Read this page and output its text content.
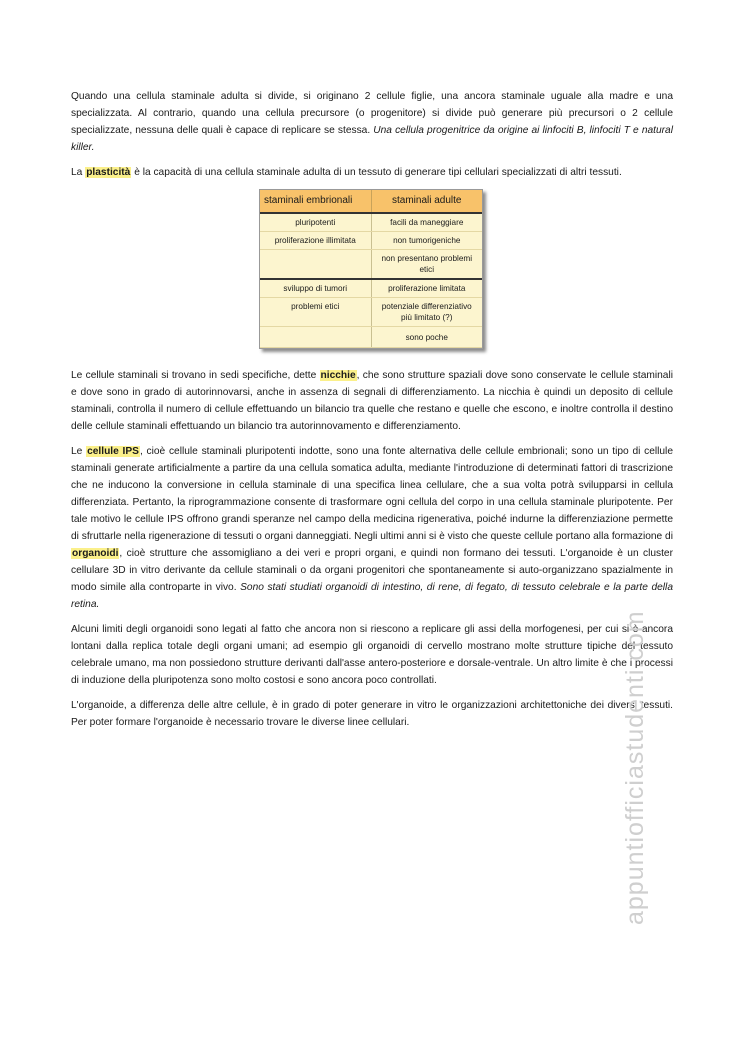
Quando una cellula staminale adulta si divide, si originano 2 cellule figlie, una ancora staminale uguale alla madre e una specializzata. Al contrario, quando una cellula precursore (o progenitore) si divide può generare più precursori o 2 cellule specializzate, nessuna delle quali è capace di replicare se stessa. Una cellula progenitrice da origine ai linfociti B, linfociti T e natural killer.

La plasticità è la capacità di una cellula staminale adulta di un tessuto di generare tipi cellulari specializzati di altri tessuti.

staminali embrionali	staminali adulte
pluripotenti	facili da maneggiare
proliferazione illimitata	non tumorigeniche
	non presentano problemi etici
sviluppo di tumori	proliferazione limitata
problemi etici	potenziale differenziativo più limitato (?)
	sono poche

Le cellule staminali si trovano in sedi specifiche, dette nicchie, che sono strutture spaziali dove sono conservate le cellule staminali e dove sono in grado di autorinnovarsi, anche in assenza di segnali di differenziamento. La nicchia è quindi un deposito di cellule staminali, controlla il numero di cellule effettuando un bilancio tra quelle che restano e quelle che escono, e inoltre controlla il destino delle cellule staminali effettuando un bilancio tra autorinnovamento e differenziamento.

Le cellule IPS, cioè cellule staminali pluripotenti indotte, sono una fonte alternativa delle cellule embrionali; sono un tipo di cellule staminali generate artificialmente a partire da una cellula somatica adulta, mediante l'introduzione di determinati fattori di trascrizione che ne inducono la conversione in cellula staminale di una specifica linea cellulare, che a sua volta potrà svilupparsi in cellula differenziata. Pertanto, la riprogrammazione consente di trasformare ogni cellula del corpo in una cellula staminale pluripotente. Per tale motivo le cellule IPS offrono grandi speranze nel campo della medicina rigenerativa, poiché indurne la differenziazione permette di sfruttarle nella rigenerazione di tessuti o organi danneggiati. Negli ultimi anni si è visto che queste cellule portano alla formazione di organoidi, cioè strutture che assomigliano a dei veri e propri organi, e quindi non formano dei tessuti. L'organoide è un cluster cellulare 3D in vitro derivante da cellule staminali o da organi progenitori che spontaneamente si auto-organizzano spazialmente in modo simile alla controparte in vivo. Sono stati studiati organoidi di intestino, di rene, di fegato, di tessuto celebrale e la parte della retina.

Alcuni limiti degli organoidi sono legati al fatto che ancora non si riescono a replicare gli assi della morfogenesi, per cui si è ancora lontani dalla replica totale degli organi umani; ad esempio gli organoidi di cervello mostrano molte strutture tipiche del tessuto celebrale umano, ma non possiedono strutture derivanti dall'asse antero-posteriore e dorsale-ventrale. Un altro limite è che i processi di induzione della pluripotenza sono molto costosi e sono ancora poco controllati.

L'organoide, a differenza delle altre cellule, è in grado di poter generare in vitro le organizzazioni architettoniche dei diversi tessuti. Per poter formare l'organoide è necessario trovare le diverse linee cellulari.	appuntiofficiastudenti.com
